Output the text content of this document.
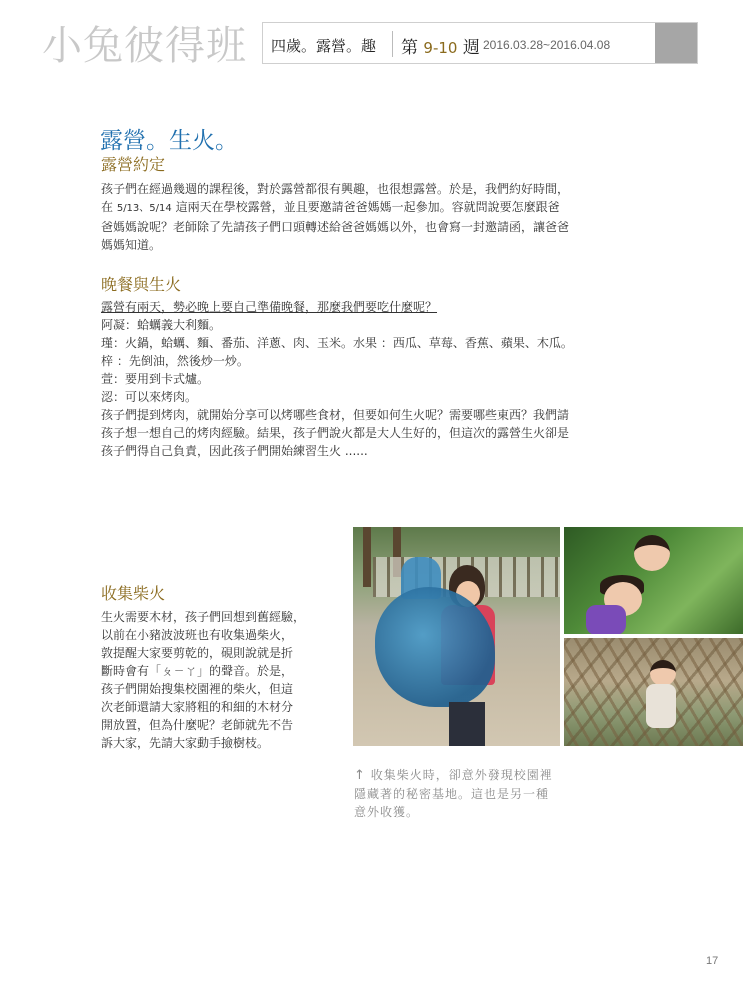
小兔彼得班 四歲。露營。趣 第 9-10 週 2016.03.28~2016.04.08
露營。生火。
露營約定
孩子們在經過幾週的課程後，對於露營都很有興趣，也很想露營。於是，我們約好時間，
在 5/13、5/14 這兩天在學校露營，並且要邀請爸爸媽媽一起參加。容就問說要怎麼跟爸
爸媽媽說呢？老師除了先請孩子們口頭轉述給爸爸媽媽以外，也會寫一封邀請函，讓爸爸
媽媽知道。
晚餐與生火
露營有兩天，勢必晚上要自己準備晚餐，那麼我們要吃什麼呢？
阿凝：蛤蠣義大利麵。
瑾：火鍋，蛤蠣、麵、番茄、洋蔥、肉、玉米。水果 ：西瓜、草莓、香蕉、蘋果、木瓜。
梓 ：先倒油，然後炒一炒。
萱：要用到卡式爐。
涊：可以來烤肉。
孩子們提到烤肉，就開始分享可以烤哪些食材，但要如何生火呢？需要哪些東西？我們請
孩子想一想自己的烤肉經驗。結果，孩子們說火都是大人生好的，但這次的露營生火卻是
孩子們得自己負責，因此孩子們開始練習生火 ......
收集柴火
生火需要木材，孩子們回想到舊經驗，
以前在小豬波波班也有收集過柴火，
敦提醒大家要剪乾的，硯則說就是折
斷時會有「ㄆㄧㄚ」的聲音。於是，
孩子們開始搜集校園裡的柴火，但這
次老師還請大家將粗的和細的木材分
開放置，但為什麼呢？老師就先不告
訴大家，先請大家動手撿樹枝。
↑ 收集柴火時，卻意外發現校園裡
隱藏著的秘密基地。這也是另一種
意外收獲。
17
